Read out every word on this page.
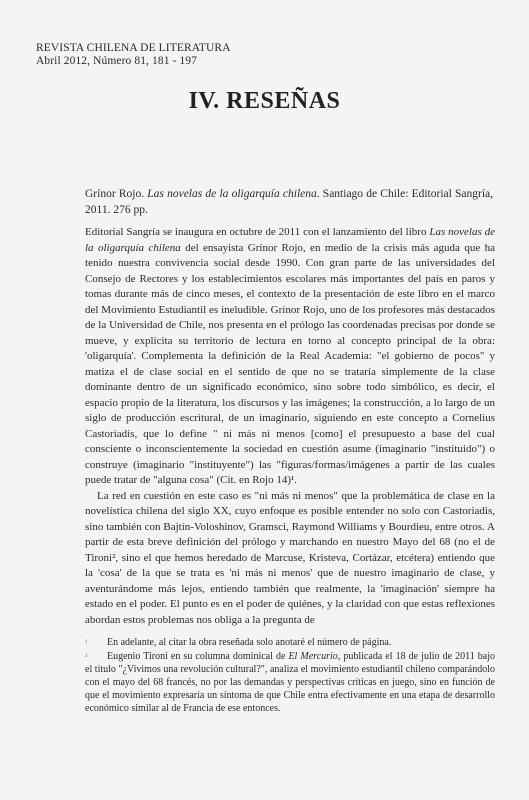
REVISTA CHILENA DE LITERATURA
Abril 2012, Número 81, 181 - 197
IV. RESEÑAS
Grínor Rojo. Las novelas de la oligarquía chilena. Santiago de Chile: Editorial Sangría, 2011. 276 pp.

Editorial Sangría se inaugura en octubre de 2011 con el lanzamiento del libro Las novelas de la oligarquía chilena del ensayista Grínor Rojo, en medio de la crisis más aguda que ha tenido nuestra convivencia social desde 1990. Con gran parte de las universidades del Consejo de Rectores y los establecimientos escolares más importantes del país en paros y tomas durante más de cinco meses, el contexto de la presentación de este libro en el marco del Movimiento Estudiantil es ineludible. Grínor Rojo, uno de los profesores más destacados de la Universidad de Chile, nos presenta en el prólogo las coordenadas precisas por donde se mueve, y explicita su territorio de lectura en torno al concepto principal de la obra: 'oligarquía'. Complementa la definición de la Real Academia: "el gobierno de pocos" y matiza el de clase social en el sentido de que no se trataría simplemente de la clase dominante dentro de un significado económico, sino sobre todo simbólico, es decir, el espacio propio de la literatura, los discursos y las imágenes; la construcción, a lo largo de un siglo de producción escritural, de un imaginario, siguiendo en este concepto a Cornelius Castoriadis, que lo define " ni más ni menos [como] el presupuesto a base del cual consciente o inconscientemente la sociedad en cuestión asume (imaginario "instituido") o construye (imaginario "instituyente") las "figuras/formas/imágenes a partir de las cuales puede tratar de "alguna cosa" (Cit. en Rojo 14)¹.

La red en cuestión en este caso es "ni más ni menos" que la problemática de clase en la novelística chilena del siglo XX, cuyo enfoque es posible entender no solo con Castoriadis, sino también con Bajtín-Voloshinov, Gramsci, Raymond Williams y Bourdieu, entre otros. A partir de esta breve definición del prólogo y marchando en nuestro Mayo del 68 (no el de Tironi², sino el que hemos heredado de Marcuse, Kristeva, Cortázar, etcétera) entiendo que la 'cosa' de la que se trata es 'ni más ni menos' que de nuestro imaginario de clase, y aventurándome más lejos, entiendo también que realmente, la 'imaginación' siempre ha estado en el poder. El punto es en el poder de quiénes, y la claridad con que estas reflexiones abordan estos problemas nos obliga a la pregunta de

¹ En adelante, al citar la obra reseñada solo anotaré el número de página.

² Eugenio Tironi en su columna dominical de El Mercurio, publicada el 18 de julio de 2011 bajo el título "¿Vivimos una revolución cultural?", analiza el movimiento estudiantil chileno comparándolo con el mayo del 68 francés, no por las demandas y perspectivas críticas en juego, sino en función de que el movimiento expresaría un síntoma de que Chile entra efectivamente en una etapa de desarrollo económico similar al de Francia de ese entonces.
